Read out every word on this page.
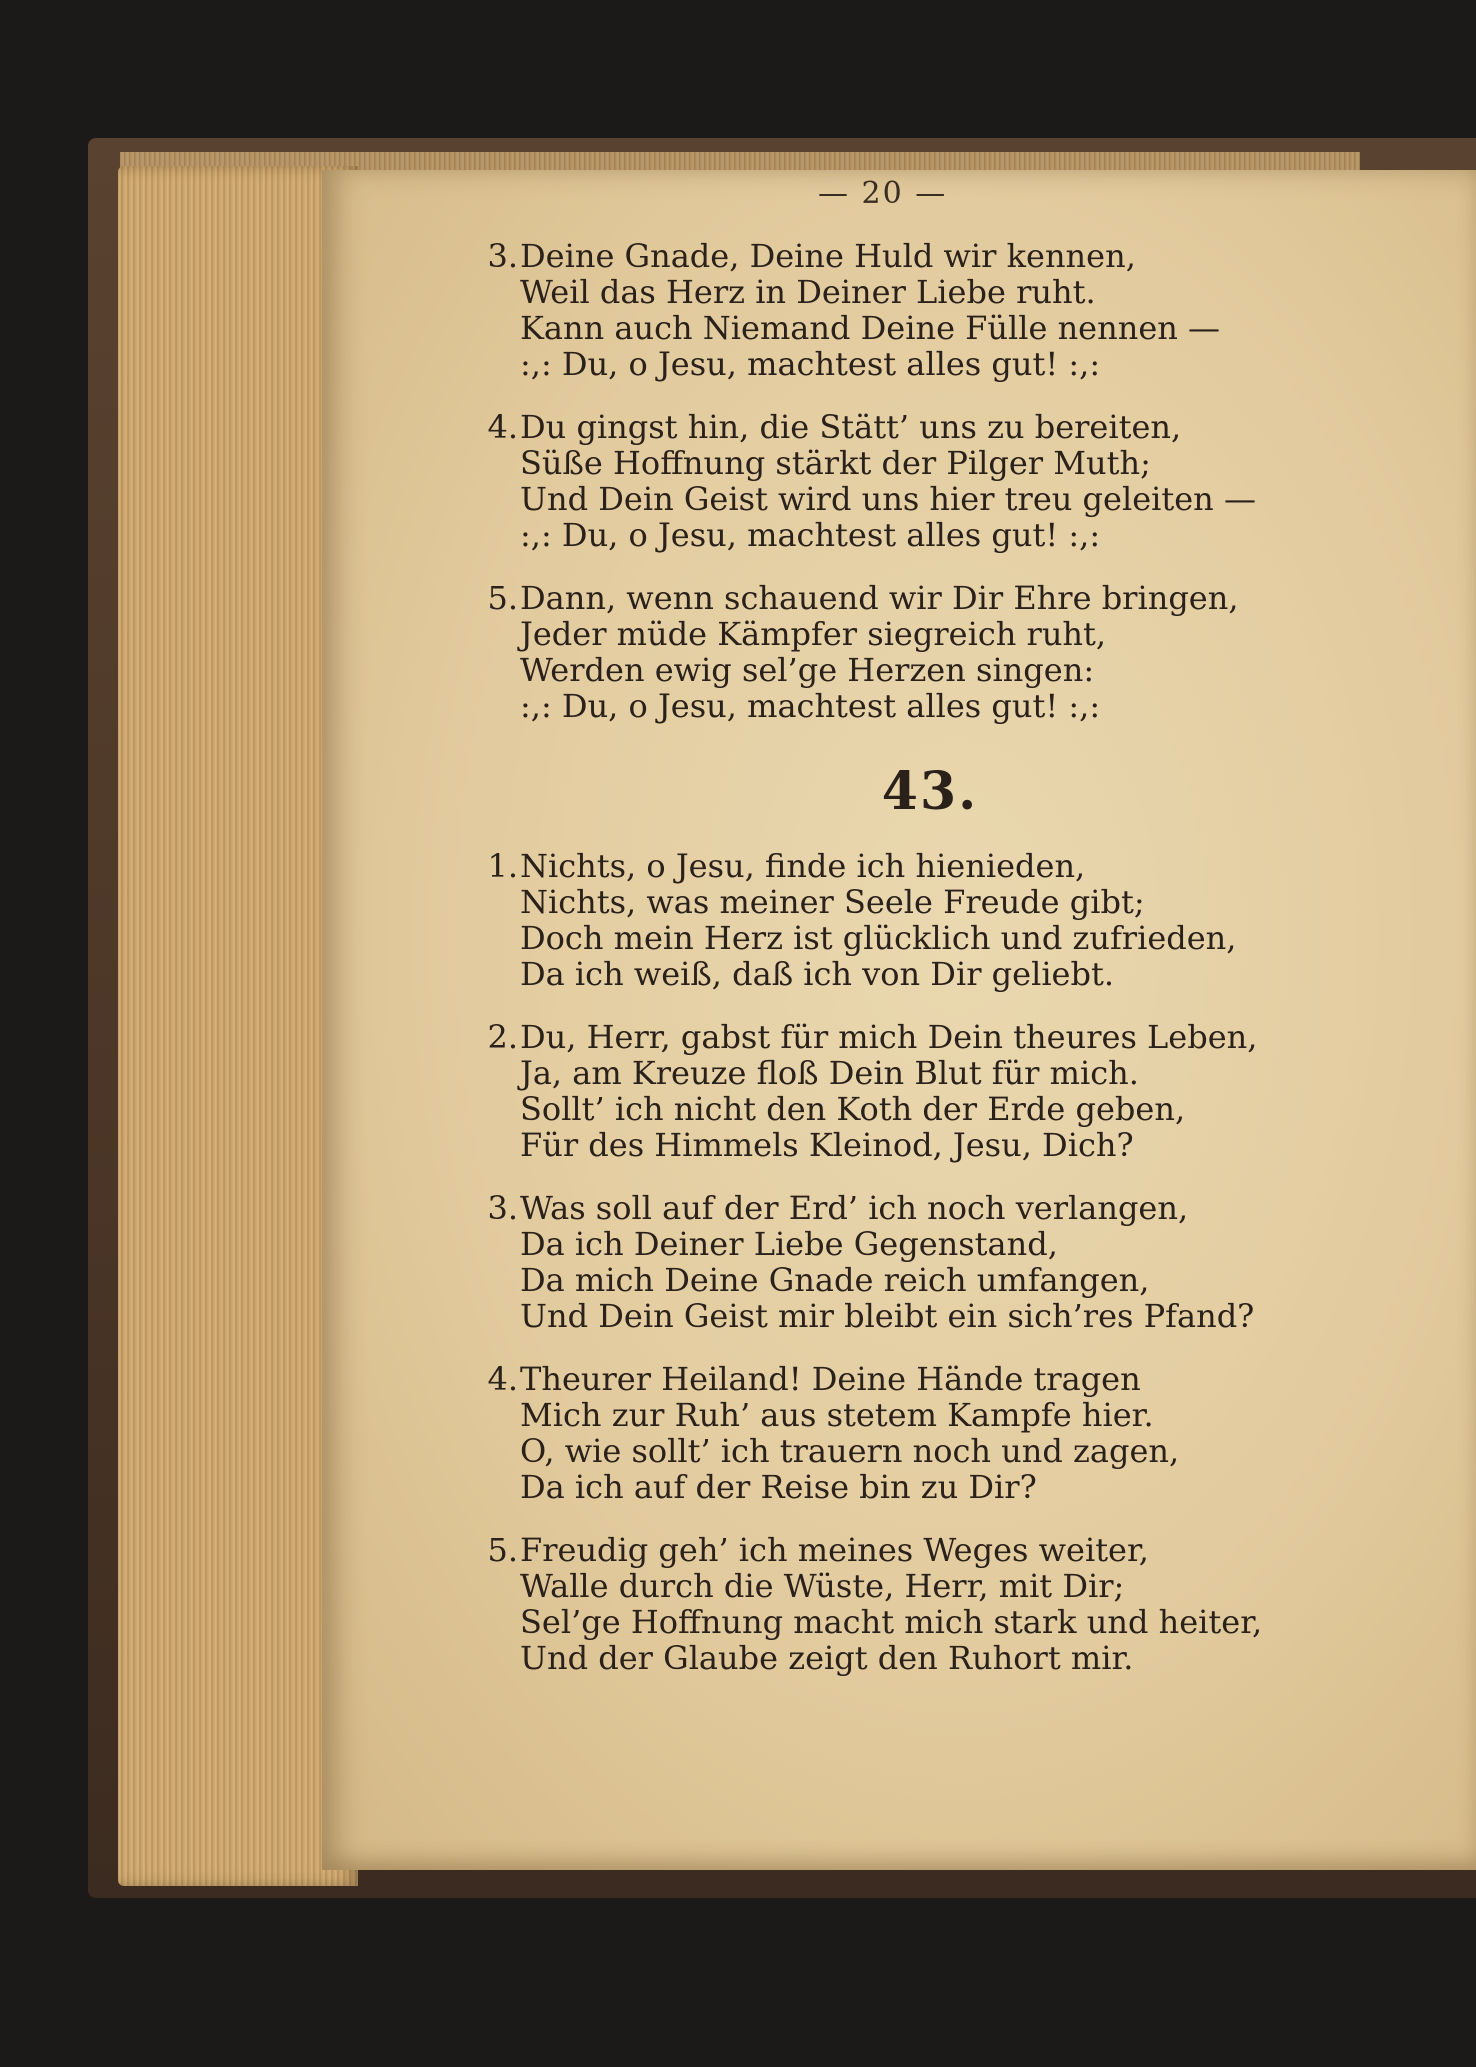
— 20 —
3. Deine Gnade, Deine Huld wir kennen,
Weil das Herz in Deiner Liebe ruht.
Kann auch Niemand Deine Fülle nennen —
:,: Du, o Jesu, machtest alles gut! :,:
4. Du gingst hin, die Stätt’ uns zu bereiten,
Süße Hoffnung stärkt der Pilger Muth;
Und Dein Geist wird uns hier treu geleiten —
:,: Du, o Jesu, machtest alles gut! :,:
5. Dann, wenn schauend wir Dir Ehre bringen,
Jeder müde Kämpfer siegreich ruht,
Werden ewig sel’ge Herzen singen:
:,: Du, o Jesu, machtest alles gut! :,:
43.
1. Nichts, o Jesu, finde ich hienieden,
Nichts, was meiner Seele Freude gibt;
Doch mein Herz ist glücklich und zufrieden,
Da ich weiß, daß ich von Dir geliebt.
2. Du, Herr, gabst für mich Dein theures Leben,
Ja, am Kreuze floß Dein Blut für mich.
Sollt’ ich nicht den Koth der Erde geben,
Für des Himmels Kleinod, Jesu, Dich?
3. Was soll auf der Erd’ ich noch verlangen,
Da ich Deiner Liebe Gegenstand,
Da mich Deine Gnade reich umfangen,
Und Dein Geist mir bleibt ein sich’res Pfand?
4. Theurer Heiland! Deine Hände tragen
Mich zur Ruh’ aus stetem Kampfe hier.
O, wie sollt’ ich trauern noch und zagen,
Da ich auf der Reise bin zu Dir?
5. Freudig geh’ ich meines Weges weiter,
Walle durch die Wüste, Herr, mit Dir;
Sel’ge Hoffnung macht mich stark und heiter,
Und der Glaube zeigt den Ruhort mir.
